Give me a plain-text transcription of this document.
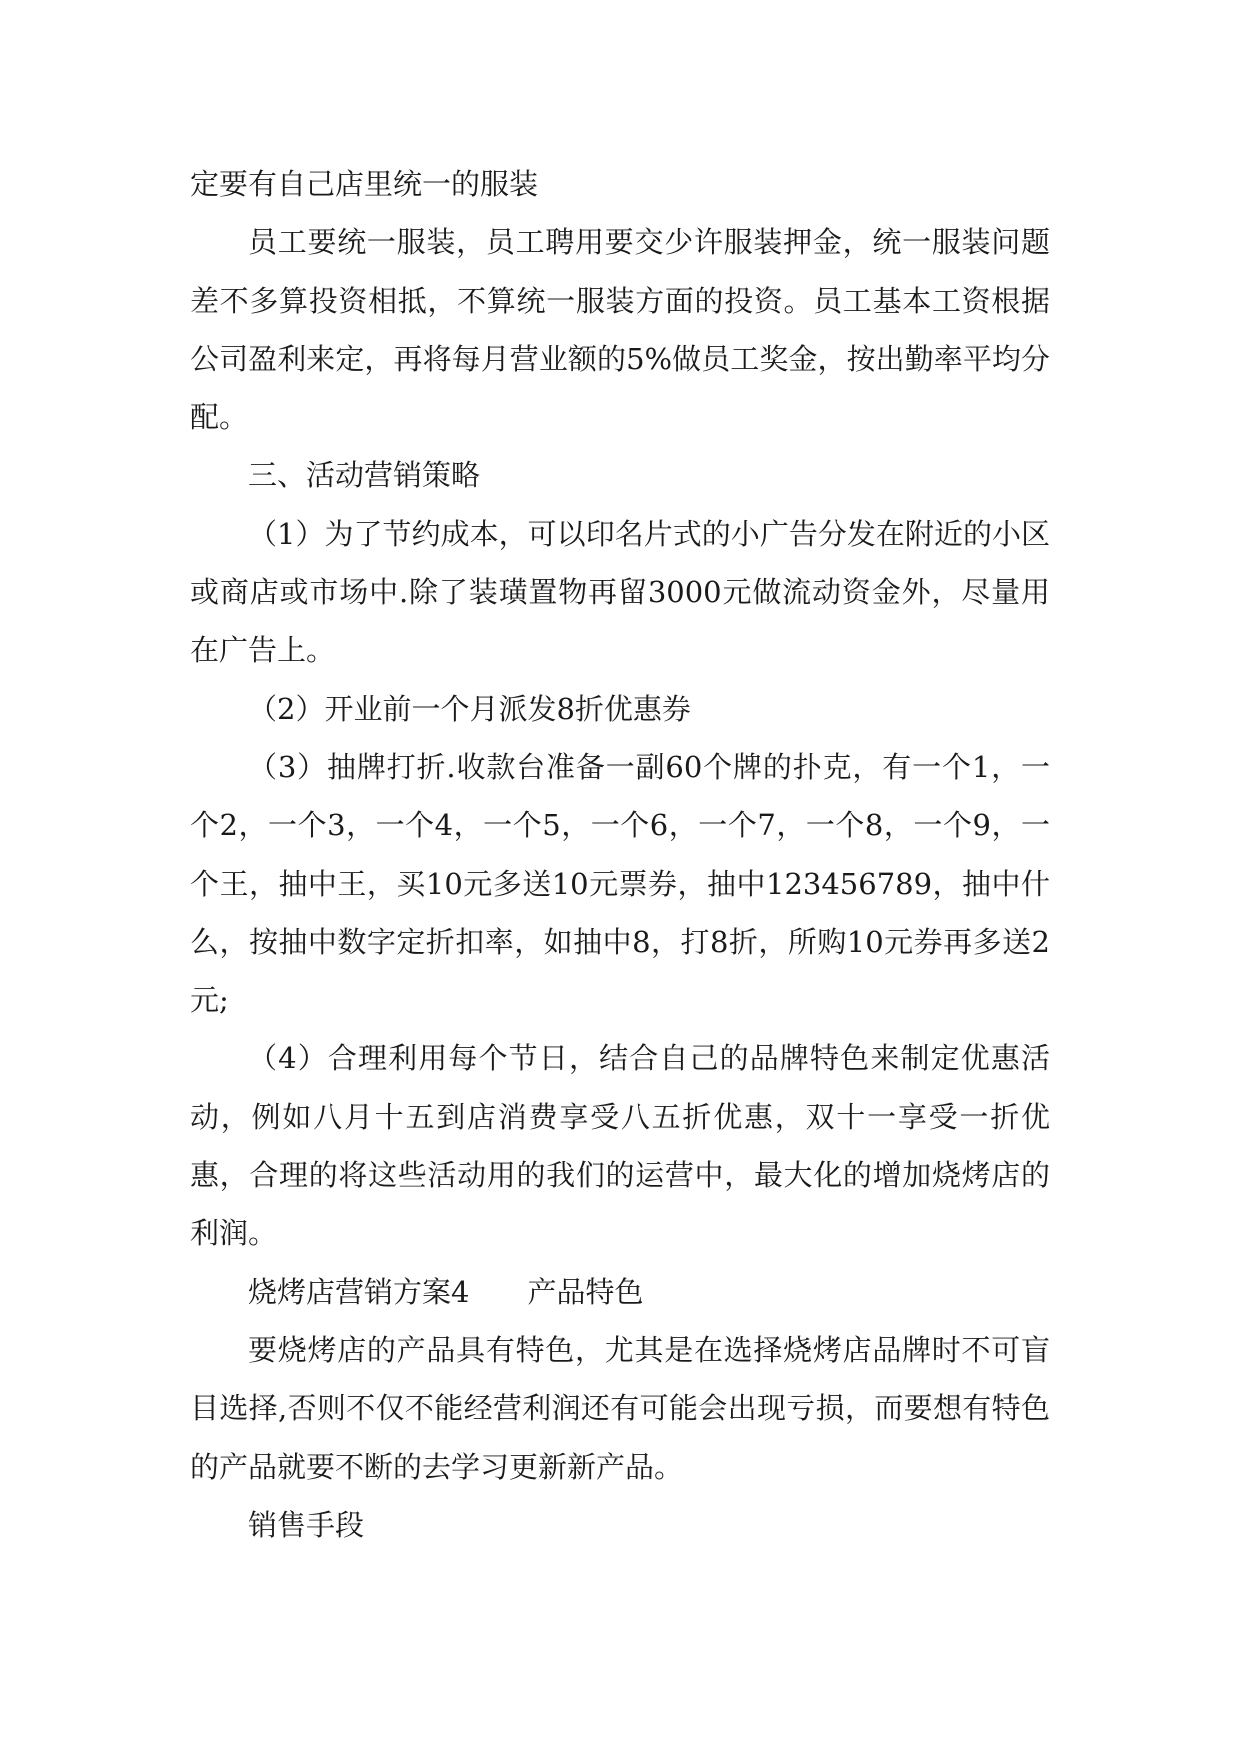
定要有自己店里统一的服装

员工要统一服装，员工聘用要交少许服装押金，统一服装问题差不多算投资相抵，不算统一服装方面的投资。员工基本工资根据公司盈利来定，再将每月营业额的5%做员工奖金，按出勤率平均分配。

三、活动营销策略

（1）为了节约成本，可以印名片式的小广告分发在附近的小区或商店或市场中.除了装璜置物再留3000元做流动资金外，尽量用在广告上。

（2）开业前一个月派发8折优惠券

（3）抽牌打折.收款台准备一副60个牌的扑克，有一个1，一个2，一个3，一个4，一个5，一个6，一个7，一个8，一个9，一个王，抽中王，买10元多送10元票券，抽中123456789，抽中什么，按抽中数字定折扣率，如抽中8，打8折，所购10元券再多送2元;

（4）合理利用每个节日，结合自己的品牌特色来制定优惠活动，例如八月十五到店消费享受八五折优惠，双十一享受一折优惠，合理的将这些活动用的我们的运营中，最大化的增加烧烤店的利润。

烧烤店营销方案4　　产品特色

要烧烤店的产品具有特色，尤其是在选择烧烤店品牌时不可盲目选择,否则不仅不能经营利润还有可能会出现亏损，而要想有特色的产品就要不断的去学习更新新产品。

销售手段
